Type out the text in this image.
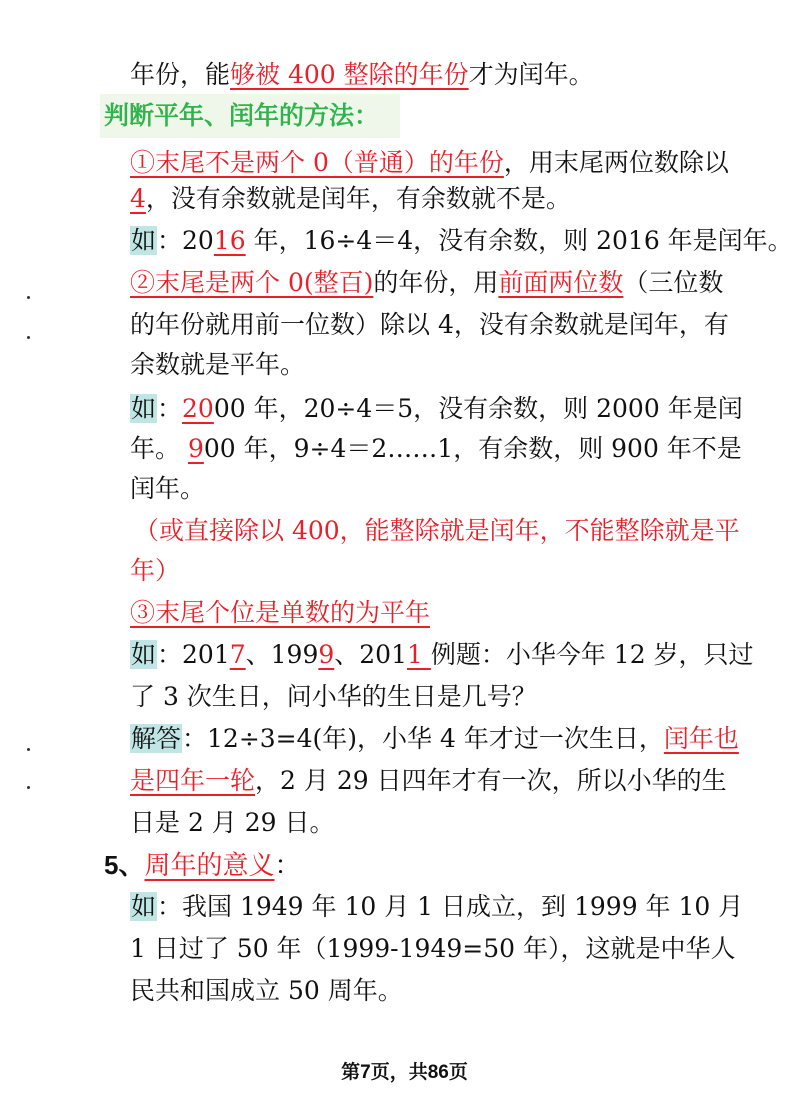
年份，能够被 400 整除的年份才为闰年。
判断平年、闰年的方法：
①末尾不是两个 0（普通）的年份，用末尾两位数除以
4，没有余数就是闰年，有余数就不是。
如：2016 年，16÷4＝4，没有余数，则 2016 年是闰年。
②末尾是两个 0(整百)的年份，用前面两位数（三位数
的年份就用前一位数）除以 4，没有余数就是闰年，有
余数就是平年。
如：2000 年，20÷4＝5，没有余数，则 2000 年是闰
年。 900 年，9÷4＝2……1，有余数，则 900 年不是
闰年。
（或直接除以 400，能整除就是闰年，不能整除就是平
年）
③末尾个位是单数的为平年
如：2017、1999、2011 例题：小华今年 12 岁，只过
了 3 次生日，问小华的生日是几号？
解答：12÷3=4(年)，小华 4 年才过一次生日，闰年也
是四年一轮，2 月 29 日四年才有一次，所以小华的生
日是 2 月 29 日。
5、周年的意义：
如：我国 1949 年 10 月 1 日成立，到 1999 年 10 月
1 日过了 50 年（1999-1949=50 年），这就是中华人
民共和国成立 50 周年。
第7页，共86页
